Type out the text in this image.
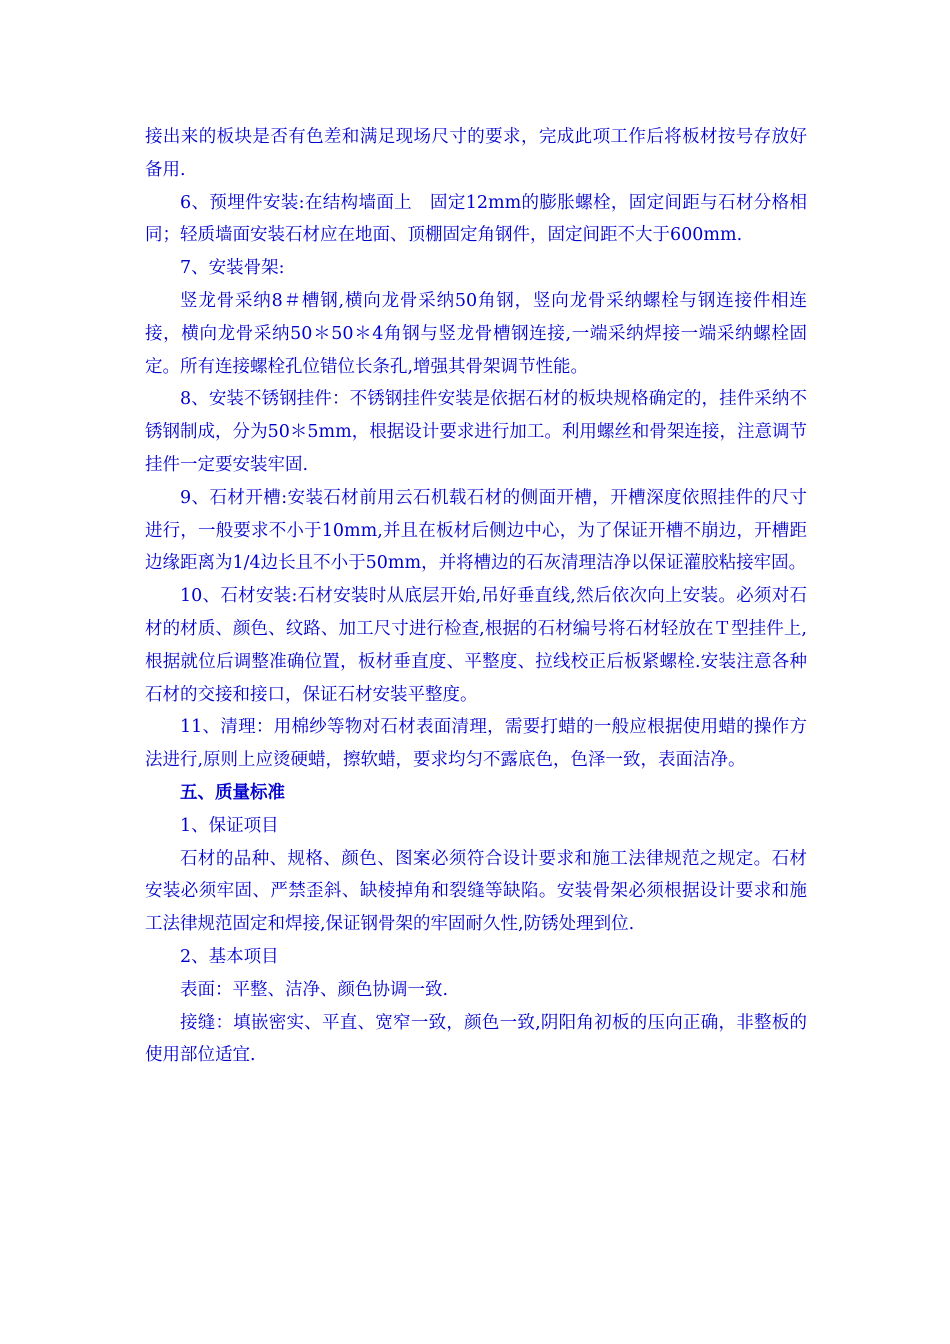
接出来的板块是否有色差和满足现场尺寸的要求，完成此项工作后将板材按号存放好备用.

6、预埋件安装:在结构墙面上　固定12mm的膨胀螺栓，固定间距与石材分格相同；轻质墙面安装石材应在地面、顶棚固定角钢件，固定间距不大于600mm.

7、安装骨架:

竖龙骨采纳8＃槽钢,横向龙骨采纳50角钢，竖向龙骨采纳螺栓与钢连接件相连接，横向龙骨采纳50＊50＊4角钢与竖龙骨槽钢连接,一端采纳焊接一端采纳螺栓固定。所有连接螺栓孔位错位长条孔,增强其骨架调节性能。

8、安装不锈钢挂件：不锈钢挂件安装是依据石材的板块规格确定的，挂件采纳不锈钢制成，分为50＊5mm，根据设计要求进行加工。利用螺丝和骨架连接，注意调节挂件一定要安装牢固.

9、石材开槽:安装石材前用云石机载石材的侧面开槽，开槽深度依照挂件的尺寸进行，一般要求不小于10mm,并且在板材后侧边中心，为了保证开槽不崩边，开槽距边缘距离为1/4边长且不小于50mm，并将槽边的石灰清理洁净以保证灌胶粘接牢固。

10、石材安装:石材安装时从底层开始,吊好垂直线,然后依次向上安装。必须对石材的材质、颜色、纹路、加工尺寸进行检查,根据的石材编号将石材轻放在Ｔ型挂件上,根据就位后调整准确位置，板材垂直度、平整度、拉线校正后板紧螺栓.安装注意各种石材的交接和接口，保证石材安装平整度。

11、清理：用棉纱等物对石材表面清理，需要打蜡的一般应根据使用蜡的操作方法进行,原则上应烫硬蜡，擦软蜡，要求均匀不露底色，色泽一致，表面洁净。

五、质量标准

1、保证项目

石材的品种、规格、颜色、图案必须符合设计要求和施工法律规范之规定。石材安装必须牢固、严禁歪斜、缺棱掉角和裂缝等缺陷。安装骨架必须根据设计要求和施工法律规范固定和焊接,保证钢骨架的牢固耐久性,防锈处理到位.

2、基本项目

表面：平整、洁净、颜色协调一致.

接缝：填嵌密实、平直、宽窄一致，颜色一致,阴阳角初板的压向正确，非整板的使用部位适宜.
